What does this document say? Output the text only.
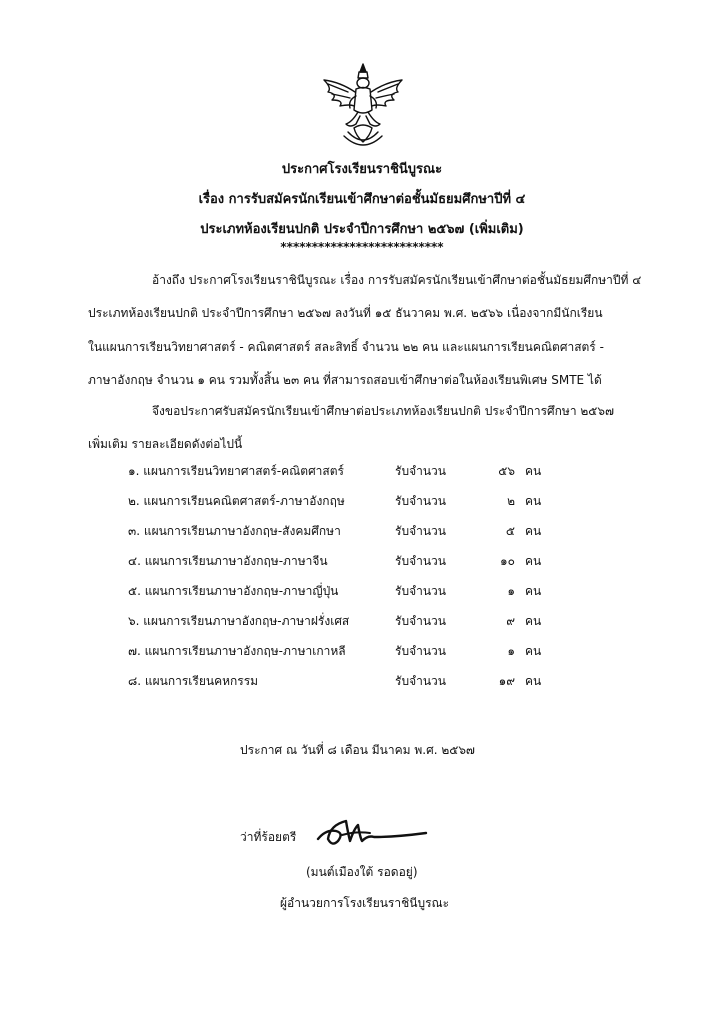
ประกาศโรงเรียนราชินีบูรณะ
เรื่อง การรับสมัครนักเรียนเข้าศึกษาต่อชั้นมัธยมศึกษาปีที่ ๔
ประเภทห้องเรียนปกติ ประจำปีการศึกษา ๒๕๖๗ (เพิ่มเติม)
**************************
อ้างถึง ประกาศโรงเรียนราชินีบูรณะ เรื่อง การรับสมัครนักเรียนเข้าศึกษาต่อชั้นมัธยมศึกษาปีที่ ๔
ประเภทห้องเรียนปกติ ประจำปีการศึกษา ๒๕๖๗ ลงวันที่ ๑๕ ธันวาคม พ.ศ. ๒๕๖๖ เนื่องจากมีนักเรียน
ในแผนการเรียนวิทยาศาสตร์ - คณิตศาสตร์ สละสิทธิ์ จำนวน ๒๒ คน และแผนการเรียนคณิตศาสตร์ -
ภาษาอังกฤษ จำนวน ๑ คน รวมทั้งสิ้น ๒๓ คน ที่สามารถสอบเข้าศึกษาต่อในห้องเรียนพิเศษ SMTE ได้
จึงขอประกาศรับสมัครนักเรียนเข้าศึกษาต่อประเภทห้องเรียนปกติ ประจำปีการศึกษา ๒๕๖๗
เพิ่มเติม รายละเอียดดังต่อไปนี้
๑. แผนการเรียนวิทยาศาสตร์-คณิตศาสตร์	รับจำนวน	๕๖ คน
๒. แผนการเรียนคณิตศาสตร์-ภาษาอังกฤษ	รับจำนวน	๒ คน
๓. แผนการเรียนภาษาอังกฤษ-สังคมศึกษา	รับจำนวน	๕ คน
๔. แผนการเรียนภาษาอังกฤษ-ภาษาจีน	รับจำนวน	๑๐ คน
๕. แผนการเรียนภาษาอังกฤษ-ภาษาญี่ปุ่น	รับจำนวน	๑ คน
๖. แผนการเรียนภาษาอังกฤษ-ภาษาฝรั่งเศส	รับจำนวน	๙ คน
๗. แผนการเรียนภาษาอังกฤษ-ภาษาเกาหลี	รับจำนวน	๑ คน
๘. แผนการเรียนคหกรรม	รับจำนวน	๑๙ คน
ประกาศ ณ วันที่ ๘ เดือน มีนาคม พ.ศ. ๒๕๖๗
ว่าที่ร้อยตรี
(มนต์เมืองใต้ รอดอยู่)
ผู้อำนวยการโรงเรียนราชินีบูรณะ
